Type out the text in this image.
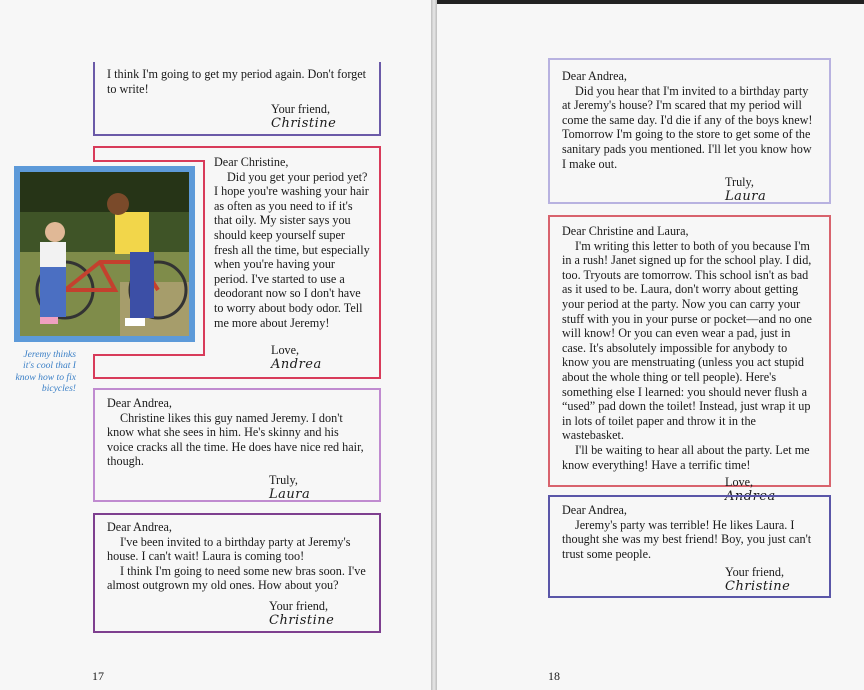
I think I'm going to get my period again. Don't forget to write!

Your friend,

Christine

Dear Christine,

Did you get your period yet? I hope you're washing your hair as often as you need to if it's that oily. My sister says you should keep yourself super fresh all the time, but especially when you're having your period. I've started to use a deodorant now so I don't have to worry about body odor. Tell me more about Jeremy!

Love,

Andrea

Jeremy thinks it's cool that I know how to fix bicycles!

Dear Andrea,

Christine likes this guy named Jeremy. I don't know what she sees in him. He's skinny and his voice cracks all the time. He does have nice red hair, though.

Truly,

Laura

Dear Andrea,

I've been invited to a birthday party at Jeremy's house. I can't wait! Laura is coming too!

I think I'm going to need some new bras soon. I've almost outgrown my old ones. How about you?

Your friend,

Christine

17

Dear Andrea,

Did you hear that I'm invited to a birthday party at Jeremy's house? I'm scared that my period will come the same day. I'd die if any of the boys knew! Tomorrow I'm going to the store to get some of the sanitary pads you mentioned. I'll let you know how I make out.

Truly,

Laura

Dear Christine and Laura,

I'm writing this letter to both of you because I'm in a rush! Janet signed up for the school play. I did, too. Tryouts are tomorrow. This school isn't as bad as it used to be. Laura, don't worry about getting your period at the party. Now you can carry your stuff with you in your purse or pocket—and no one will know! Or you can even wear a pad, just in case. It's absolutely impossible for anybody to know you are menstruating (unless you act stupid about the whole thing or tell people). Here's something else I learned: you should never flush a “used” pad down the toilet! Instead, just wrap it up in lots of toilet paper and throw it in the wastebasket.

I'll be waiting to hear all about the party. Let me know everything! Have a terrific time!

Love,

Andrea

Dear Andrea,

Jeremy's party was terrible! He likes Laura. I thought she was my best friend! Boy, you just can't trust some people.

Your friend,

Christine

18
